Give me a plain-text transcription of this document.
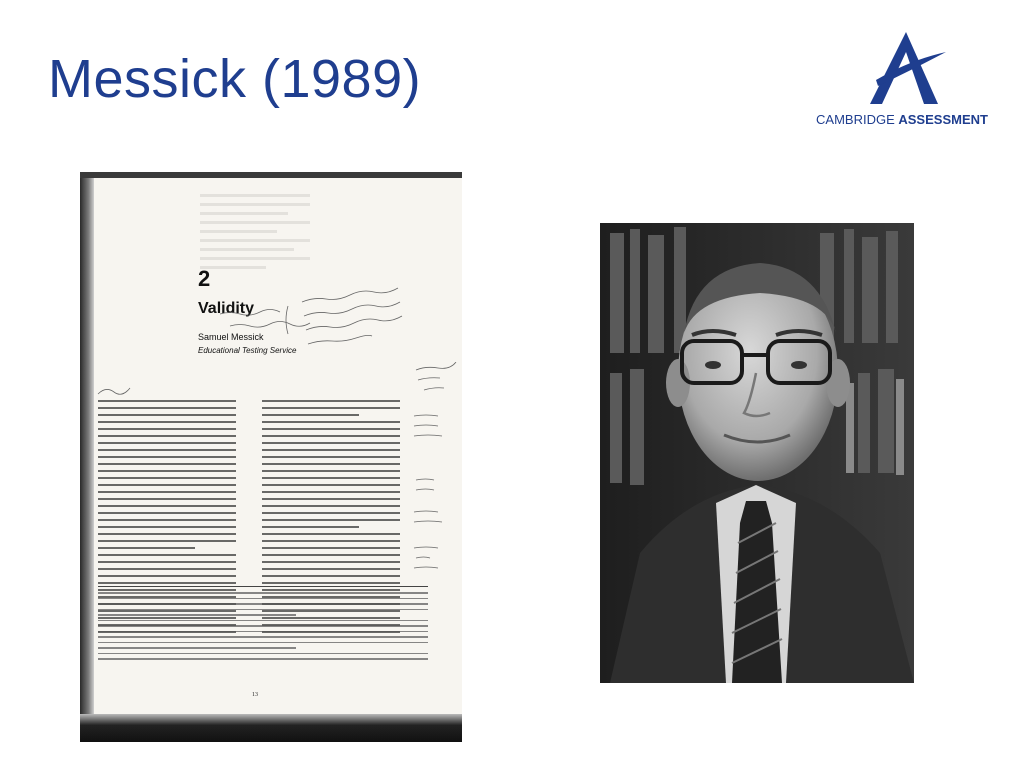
Messick (1989)
CAMBRIDGE ASSESSMENT
2
Validity
Samuel Messick
Educational Testing Service
13
